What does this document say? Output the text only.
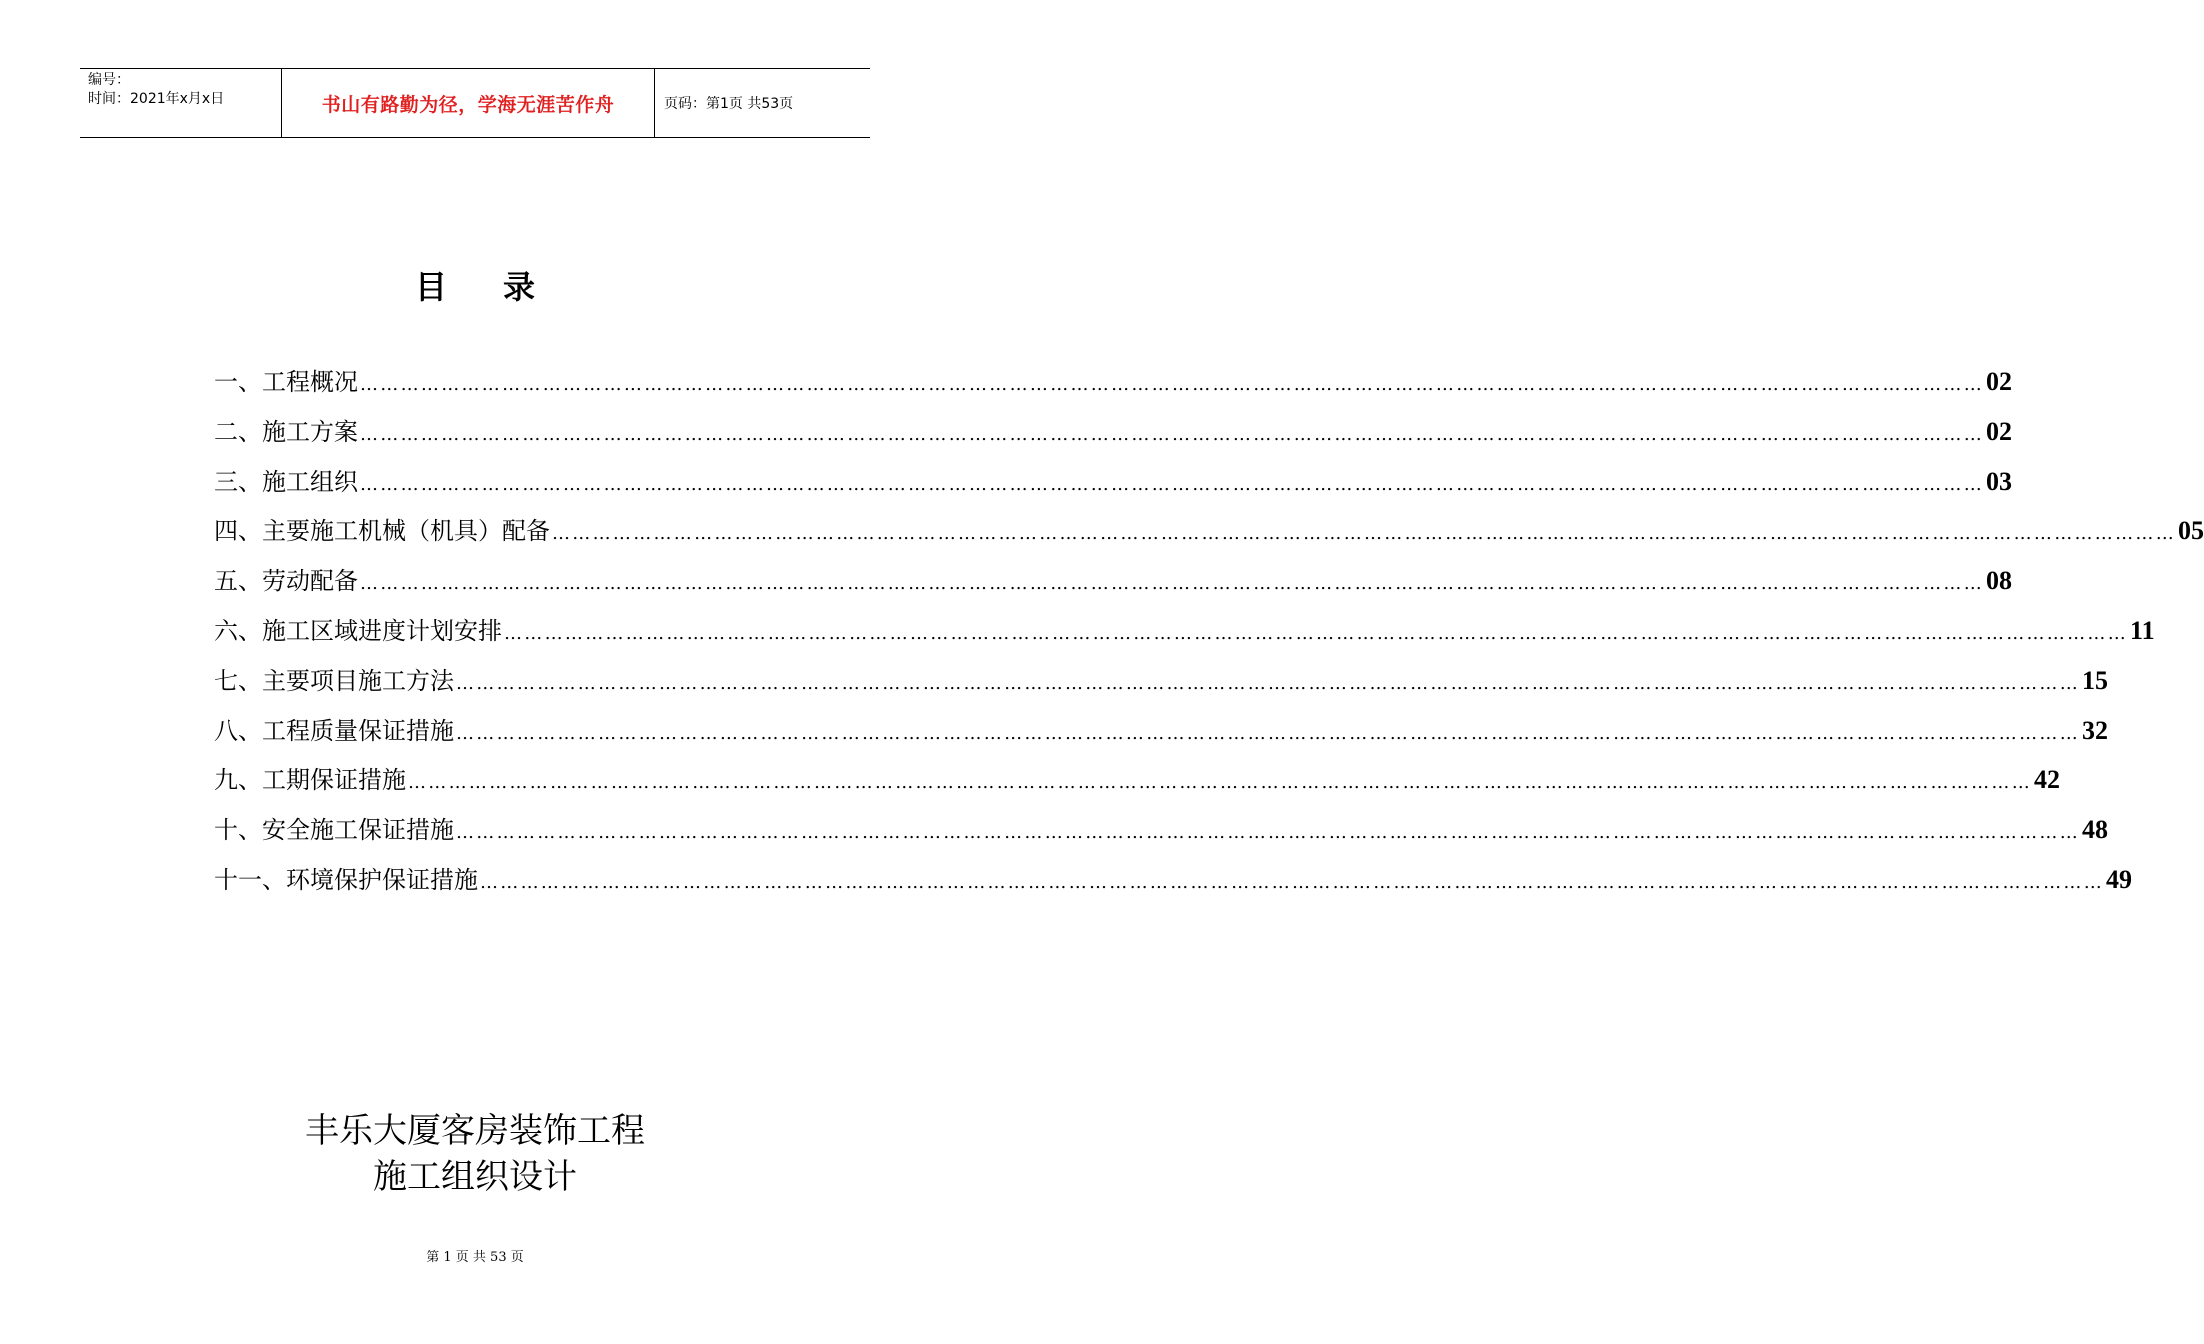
编号：
时间：2021年x月x日	书山有路勤为径，学海无涯苦作舟	页码：第1页 共53页
目录
一、工程概况 …………………………………………………………………………………………………………………………………………………………………………………………………………………… 02
二、施工方案 …………………………………………………………………………………………………………………………………………………………………………………………………………………… 02
三、施工组织 …………………………………………………………………………………………………………………………………………………………………………………………………………………… 03
四、主要施工机械（机具）配备 …………………………………………………………………………………………………………………………………………………………………………………………………………………… 05
五、劳动配备 …………………………………………………………………………………………………………………………………………………………………………………………………………………… 08
六、施工区域进度计划安排 …………………………………………………………………………………………………………………………………………………………………………………………………………………… 11
七、主要项目施工方法 …………………………………………………………………………………………………………………………………………………………………………………………………………………… 15
八、工程质量保证措施 …………………………………………………………………………………………………………………………………………………………………………………………………………………… 32
九、工期保证措施 …………………………………………………………………………………………………………………………………………………………………………………………………………………… 42
十、安全施工保证措施 …………………………………………………………………………………………………………………………………………………………………………………………………………………… 48
十一、环境保护保证措施 …………………………………………………………………………………………………………………………………………………………………………………………………………………… 49
丰乐大厦客房装饰工程
施工组织设计
第 1 页 共 53 页
